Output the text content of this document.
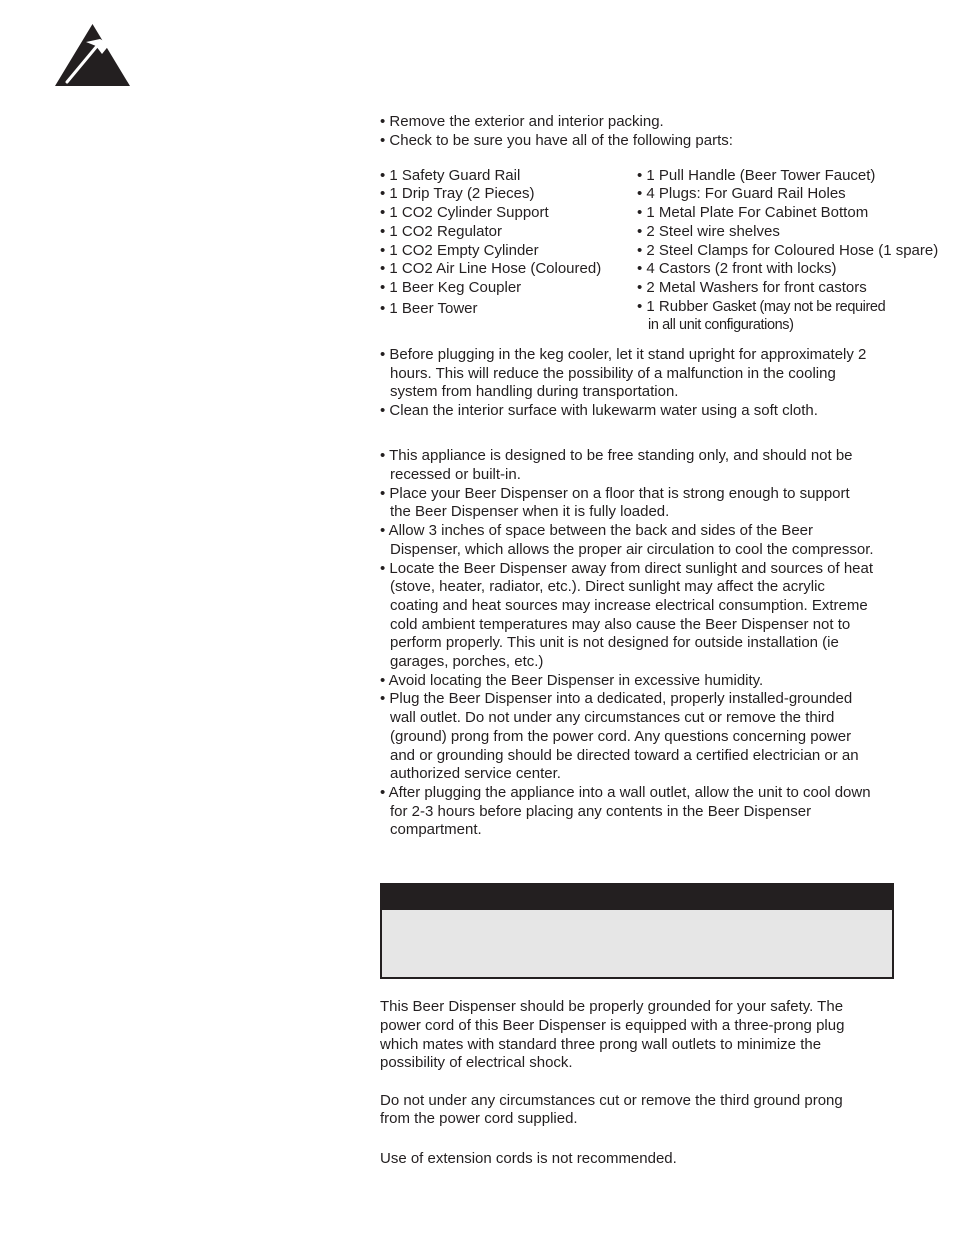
• Remove the exterior and interior packing.
• Check to be sure you have all of the following parts:
• 1 Safety Guard Rail
• 1 Drip Tray (2 Pieces)
• 1 CO2 Cylinder Support
• 1 CO2 Regulator
• 1 CO2 Empty Cylinder
• 1 CO2 Air Line Hose (Coloured)
• 1 Beer Keg Coupler
• 1 Beer Tower
• 1 Pull Handle (Beer Tower Faucet)
• 4 Plugs: For Guard Rail Holes
• 1 Metal Plate For Cabinet Bottom
• 2 Steel wire shelves
• 2 Steel Clamps for Coloured Hose (1 spare)
• 4 Castors (2 front with locks)
• 2 Metal Washers for front castors
• 1 Rubber Gasket (may not be required
in all unit configurations)
• Before plugging in the keg cooler, let it stand upright for approximately 2
hours. This will reduce the possibility of a malfunction in the cooling
system from handling during transportation.
• Clean the interior surface with lukewarm water using a soft cloth.
• This appliance is designed to be free standing only, and should not be
recessed or built-in.
• Place your Beer Dispenser on a floor that is strong enough to support
the Beer Dispenser when it is fully loaded.
• Allow 3 inches of space between the back and sides of the Beer
Dispenser, which allows the proper air circulation to cool the compressor.
• Locate the Beer Dispenser away from direct sunlight and sources of heat
(stove, heater, radiator, etc.). Direct sunlight may affect the acrylic
coating and heat sources may increase electrical consumption. Extreme
cold ambient temperatures may also cause the Beer Dispenser not to
perform properly. This unit is not designed for outside installation (ie
garages, porches, etc.)
• Avoid locating the Beer Dispenser in excessive humidity.
• Plug the Beer Dispenser into a dedicated, properly installed-grounded
wall outlet. Do not under any circumstances cut or remove the third
(ground) prong from the power cord. Any questions concerning power
and or grounding should be directed toward a certified electrician or an
authorized service center.
• After plugging the appliance into a wall outlet, allow the unit to cool down
for 2-3 hours before placing any contents in the Beer Dispenser
compartment.
This Beer Dispenser should be properly grounded for your safety. The
power cord of this Beer Dispenser is equipped with a three-prong plug
which mates with standard three prong wall outlets to minimize the
possibility of electrical shock.
Do not under any circumstances cut or remove the third ground prong
from the power cord supplied.
Use of extension cords is not recommended.
